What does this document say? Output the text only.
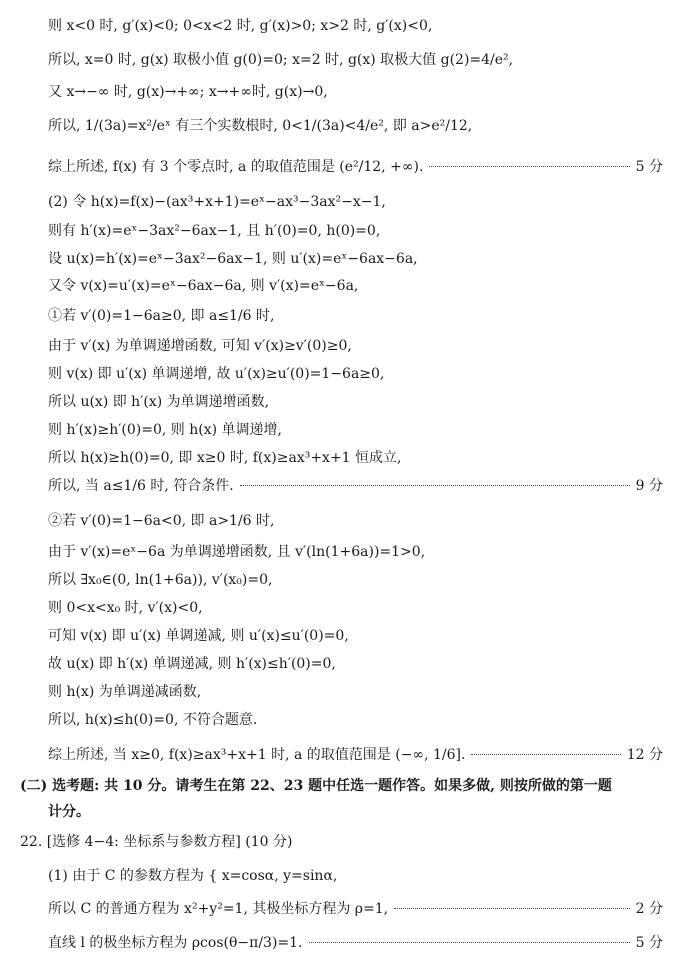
则 x<0 时, g′(x)<0; 0<x<2 时, g′(x)>0; x>2 时, g′(x)<0,
所以, x=0 时, g(x) 取极小值 g(0)=0; x=2 时, g(x) 取极大值 g(2)=4/e²,
又 x→−∞ 时, g(x)→+∞; x→+∞时, g(x)→0,
所以, 1/(3a)=x²/eˣ 有三个实数根时, 0<1/(3a)<4/e², 即 a>e²/12,
综上所述, f(x) 有 3 个零点时, a 的取值范围是 (e²/12, +∞).	5 分
(2) 令 h(x)=f(x)−(ax³+x+1)=eˣ−ax³−3ax²−x−1,
则有 h′(x)=eˣ−3ax²−6ax−1, 且 h′(0)=0, h(0)=0,
设 u(x)=h′(x)=eˣ−3ax²−6ax−1, 则 u′(x)=eˣ−6ax−6a,
又令 v(x)=u′(x)=eˣ−6ax−6a, 则 v′(x)=eˣ−6a,
①若 v′(0)=1−6a≥0, 即 a≤1/6 时,
由于 v′(x) 为单调递增函数, 可知 v′(x)≥v′(0)≥0,
则 v(x) 即 u′(x) 单调递增, 故 u′(x)≥u′(0)=1−6a≥0,
所以 u(x) 即 h′(x) 为单调递增函数,
则 h′(x)≥h′(0)=0, 则 h(x) 单调递增,
所以 h(x)≥h(0)=0, 即 x≥0 时, f(x)≥ax³+x+1 恒成立,
所以, 当 a≤1/6 时, 符合条件.	9 分
②若 v′(0)=1−6a<0, 即 a>1/6 时,
由于 v′(x)=eˣ−6a 为单调递增函数, 且 v′(ln(1+6a))=1>0,
所以 ∃x₀∈(0, ln(1+6a)), v′(x₀)=0,
则 0<x<x₀ 时, v′(x)<0,
可知 v(x) 即 u′(x) 单调递减, 则 u′(x)≤u′(0)=0,
故 u(x) 即 h′(x) 单调递减, 则 h′(x)≤h′(0)=0,
则 h(x) 为单调递减函数,
所以, h(x)≤h(0)=0, 不符合题意.
综上所述, 当 x≥0, f(x)≥ax³+x+1 时, a 的取值范围是 (−∞, 1/6].	12 分
(二) 选考题: 共 10 分。请考生在第 22、23 题中任选一题作答。如果多做, 则按所做的第一题
计分。
22. [选修 4−4: 坐标系与参数方程] (10 分)
(1) 由于 C 的参数方程为 { x=cosα, y=sinα,
所以 C 的普通方程为 x²+y²=1, 其极坐标方程为 ρ=1,	2 分
直线 l 的极坐标方程为 ρcos(θ−π/3)=1.	5 分
